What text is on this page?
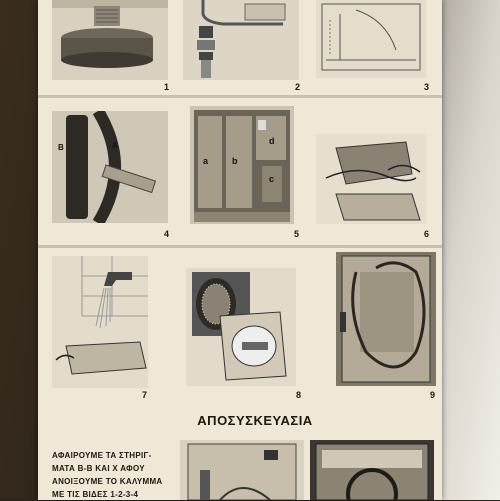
1	2	3
B	A
4
a	b
d
c
5	6
7	8	9
ΑΠΟΣΥΣΚΕΥΑΣΙΑ
ΑΦΑΙΡΟΥΜΕ ΤΑ ΣΤΗΡΙΓ-
ΜΑΤΑ Β-Β ΚΑΙ Χ ΑΦΟΥ
ΑΝΟΙΞΟΥΜΕ ΤΟ ΚΑΛΥΜΜΑ
ΜΕ ΤΙΣ ΒΙΔΕΣ 1-2-3-4
